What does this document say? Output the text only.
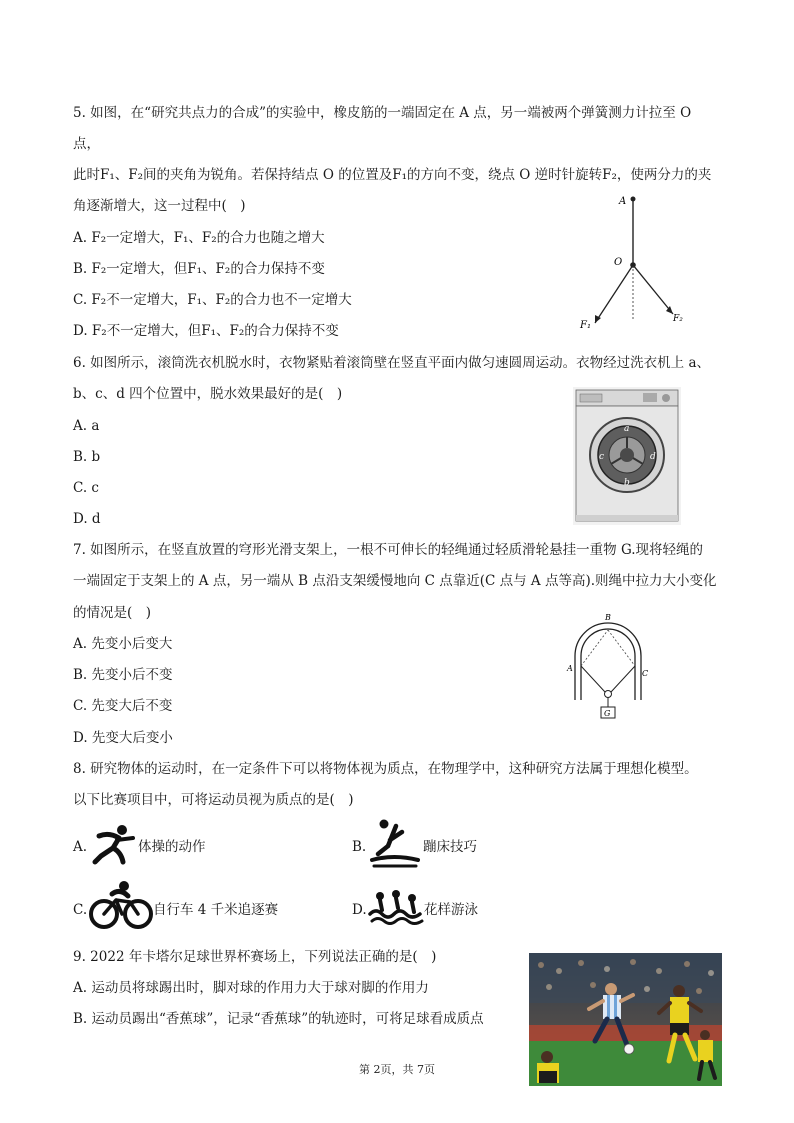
5. 如图，在“研究共点力的合成”的实验中，橡皮筋的一端固定在 A 点，另一端被两个弹簧测力计拉至 O
点，
此时F₁、F₂间的夹角为锐角。若保持结点 O 的位置及F₁的方向不变，绕点 O 逆时针旋转F₂，使两分力的夹
角逐渐增大，这一过程中(　)
A. F₂一定增大，F₁、F₂的合力也随之增大
B. F₂一定增大，但F₁、F₂的合力保持不变
C. F₂不一定增大，F₁、F₂的合力也不一定增大
D. F₂不一定增大，但F₁、F₂的合力保持不变
A
O
F₁
F₂
6. 如图所示，滚筒洗衣机脱水时，衣物紧贴着滚筒壁在竖直平面内做匀速圆周运动。衣物经过洗衣机上 a、
b、c、d 四个位置中，脱水效果最好的是(　)
A. a
B. b
C. c
D. d
a
b
c	d
7. 如图所示，在竖直放置的穹形光滑支架上，一根不可伸长的轻绳通过轻质滑轮悬挂一重物 G.现将轻绳的
一端固定于支架上的 A 点，另一端从 B 点沿支架缓慢地向 C 点靠近(C 点与 A 点等高).则绳中拉力大小变化
的情况是(　)
A. 先变小后变大
B. 先变小后不变
C. 先变大后不变
D. 先变大后变小
G
B
A
C
8. 研究物体的运动时，在一定条件下可以将物体视为质点，在物理学中，这种研究方法属于理想化模型。
以下比赛项目中，可将运动员视为质点的是(　)
A.	体操的动作	B.	蹦床技巧
C.	自行车 4 千米追逐赛	D.	花样游泳
9. 2022 年卡塔尔足球世界杯赛场上，下列说法正确的是(　)
A. 运动员将球踢出时，脚对球的作用力大于球对脚的作用力
B. 运动员踢出“香蕉球”，记录“香蕉球”的轨迹时，可将足球看成质点
第 2页，共 7页
